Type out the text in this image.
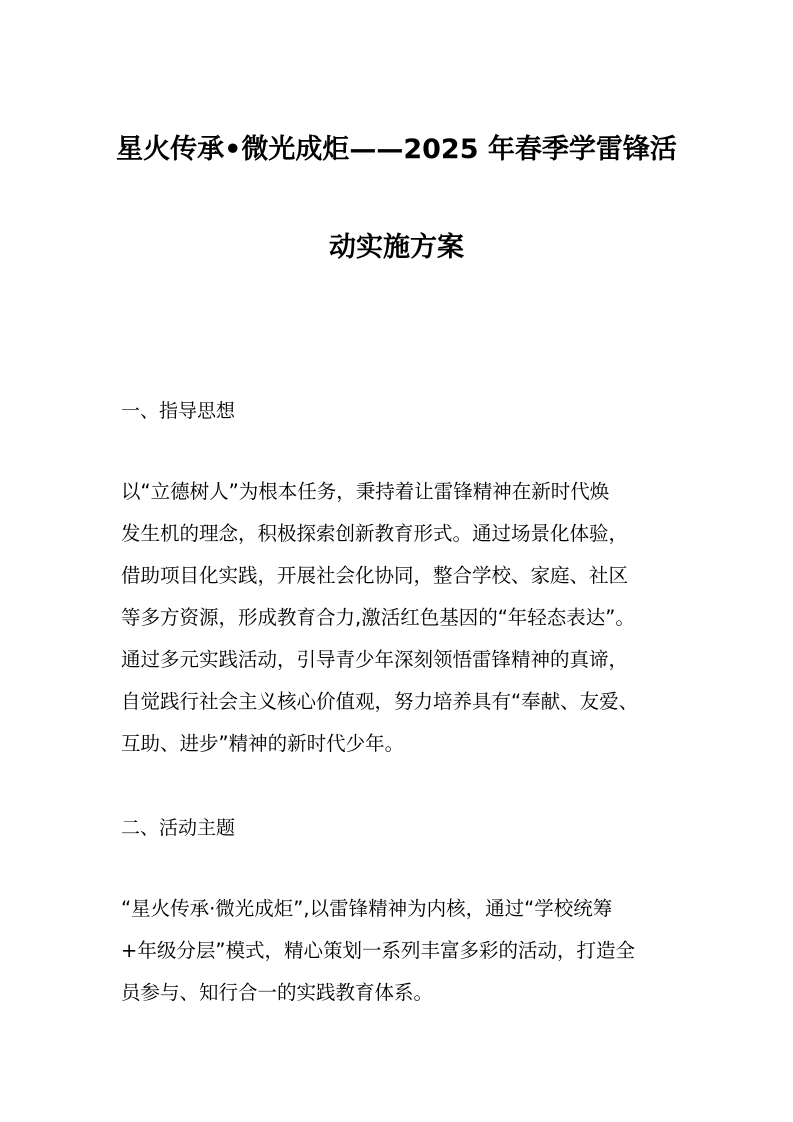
星火传承•微光成炬——2025 年春季学雷锋活
动实施方案
一、指导思想
以“立德树人”为根本任务，秉持着让雷锋精神在新时代焕
发生机的理念，积极探索创新教育形式。通过场景化体验，
借助项目化实践，开展社会化协同，整合学校、家庭、社区
等多方资源，形成教育合力,激活红色基因的“年轻态表达”。
通过多元实践活动，引导青少年深刻领悟雷锋精神的真谛，
自觉践行社会主义核心价值观，努力培养具有“奉献、友爱、
互助、进步”精神的新时代少年。
二、活动主题
“星火传承·微光成炬”,以雷锋精神为内核，通过“学校统筹
+年级分层”模式，精心策划一系列丰富多彩的活动，打造全
员参与、知行合一的实践教育体系。
